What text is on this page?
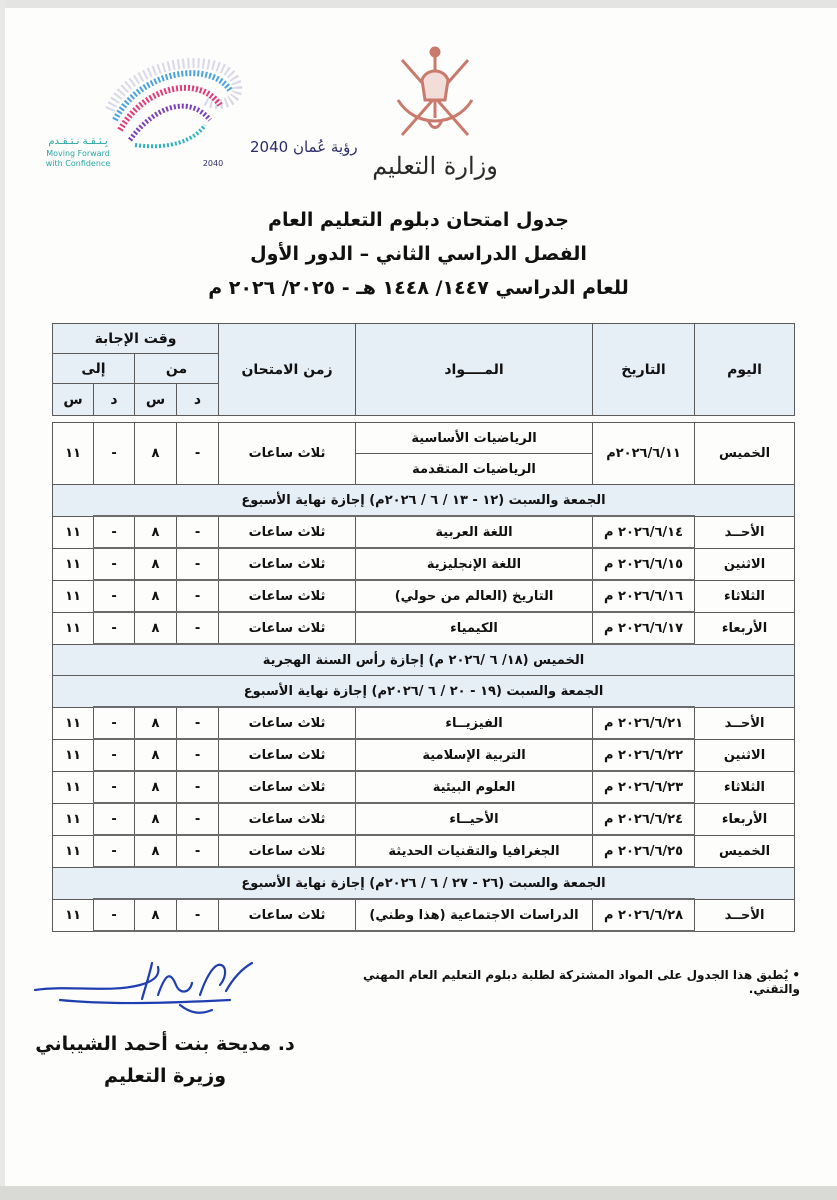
رؤية عُمان 2040
2040
بِـثـقـة نـتـقـدم
Moving Forward
with Confidence	وزارة التعليم
جدول امتحان دبلوم التعليم العام
الفصل الدراسي الثاني – الدور الأول
للعام الدراسي ١٤٤٧/ ١٤٤٨ هـ - ٢٠٢٥/ ٢٠٢٦ م
اليوم	التاريخ	المــــواد	زمن الامتحان	وقت الإجابة			
				من		إلى	
				د	س	د	س

الخميس	٢٠٢٦/٦/١١م	الرياضيات الأساسية	ثلاث ساعات	-	٨	-	١١
		الرياضيات المتقدمة					
الجمعة والسبت (١٢ - ١٣ / ٦ / ٢٠٢٦م) إجازة نهاية الأسبوع							
الأحــد	٢٠٢٦/٦/١٤ م	اللغة العربية	ثلاث ساعات	-	٨	-	١١
الاثنين	٢٠٢٦/٦/١٥ م	اللغة الإنجليزية	ثلاث ساعات	-	٨	-	١١
الثلاثاء	٢٠٢٦/٦/١٦ م	التاريخ (العالم من حولي)	ثلاث ساعات	-	٨	-	١١
الأربعاء	٢٠٢٦/٦/١٧ م	الكيمياء	ثلاث ساعات	-	٨	-	١١
الخميس (١٨/ ٦ /٢٠٢٦ م) إجازة رأس السنة الهجرية							
الجمعة والسبت (١٩ - ٢٠ / ٦ /٢٠٢٦م) إجازة نهاية الأسبوع							
الأحــد	٢٠٢٦/٦/٢١ م	الفيزيــاء	ثلاث ساعات	-	٨	-	١١
الاثنين	٢٠٢٦/٦/٢٢ م	التربية الإسلامية	ثلاث ساعات	-	٨	-	١١
الثلاثاء	٢٠٢٦/٦/٢٣ م	العلوم البيئية	ثلاث ساعات	-	٨	-	١١
الأربعاء	٢٠٢٦/٦/٢٤ م	الأحيــاء	ثلاث ساعات	-	٨	-	١١
الخميس	٢٠٢٦/٦/٢٥ م	الجغرافيا والتقنيات الحديثة	ثلاث ساعات	-	٨	-	١١
الجمعة والسبت (٢٦ - ٢٧ / ٦ / ٢٠٢٦م) إجازة نهاية الأسبوع							
الأحــد	٢٠٢٦/٦/٢٨ م	الدراسات الاجتماعية (هذا وطني)	ثلاث ساعات	-	٨	-	١١
•يُطبق هذا الجدول على المواد المشتركة لطلبة دبلوم التعليم العام المهني والتقني.
د. مديحة بنت أحمد الشيباني
وزيرة التعليم
